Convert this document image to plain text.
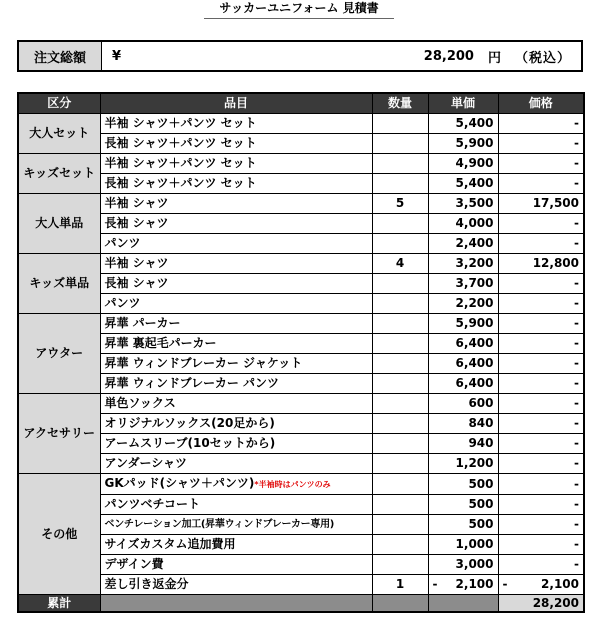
サッカーユニフォーム 見積書
注文総額	¥	28,200 円 （税込）
区分	品目	数量	単価	価格
大人セット	半袖 シャツ＋パンツ セット		5,400	-
	長袖 シャツ＋パンツ セット		5,900	-
キッズセット	半袖 シャツ＋パンツ セット		4,900	-
	長袖 シャツ＋パンツ セット		5,400	-
大人単品	半袖 シャツ	5	3,500	17,500
	長袖 シャツ		4,000	-
	パンツ		2,400	-
キッズ単品	半袖 シャツ	4	3,200	12,800
	長袖 シャツ		3,700	-
	パンツ		2,200	-
アウター	昇華 パーカー		5,900	-
	昇華 裏起毛パーカー		6,400	-
	昇華 ウィンドブレーカー ジャケット		6,400	-
	昇華 ウィンドブレーカー パンツ		6,400	-
アクセサリー	単色ソックス		600	-
	オリジナルソックス(20足から)		840	-
	アームスリーブ(10セットから)		940	-
	アンダーシャツ		1,200	-
その他	GKパッド(シャツ＋パンツ)*半袖時はパンツのみ		500	-
	パンツベチコート		500	-
	ベンチレーション加工(昇華ウィンドブレーカー専用)		500	-
	サイズカスタム追加費用		1,000	-
	デザイン費		3,000	-
	差し引き返金分	1	- 2,100	- 2,100

累計				28,200
